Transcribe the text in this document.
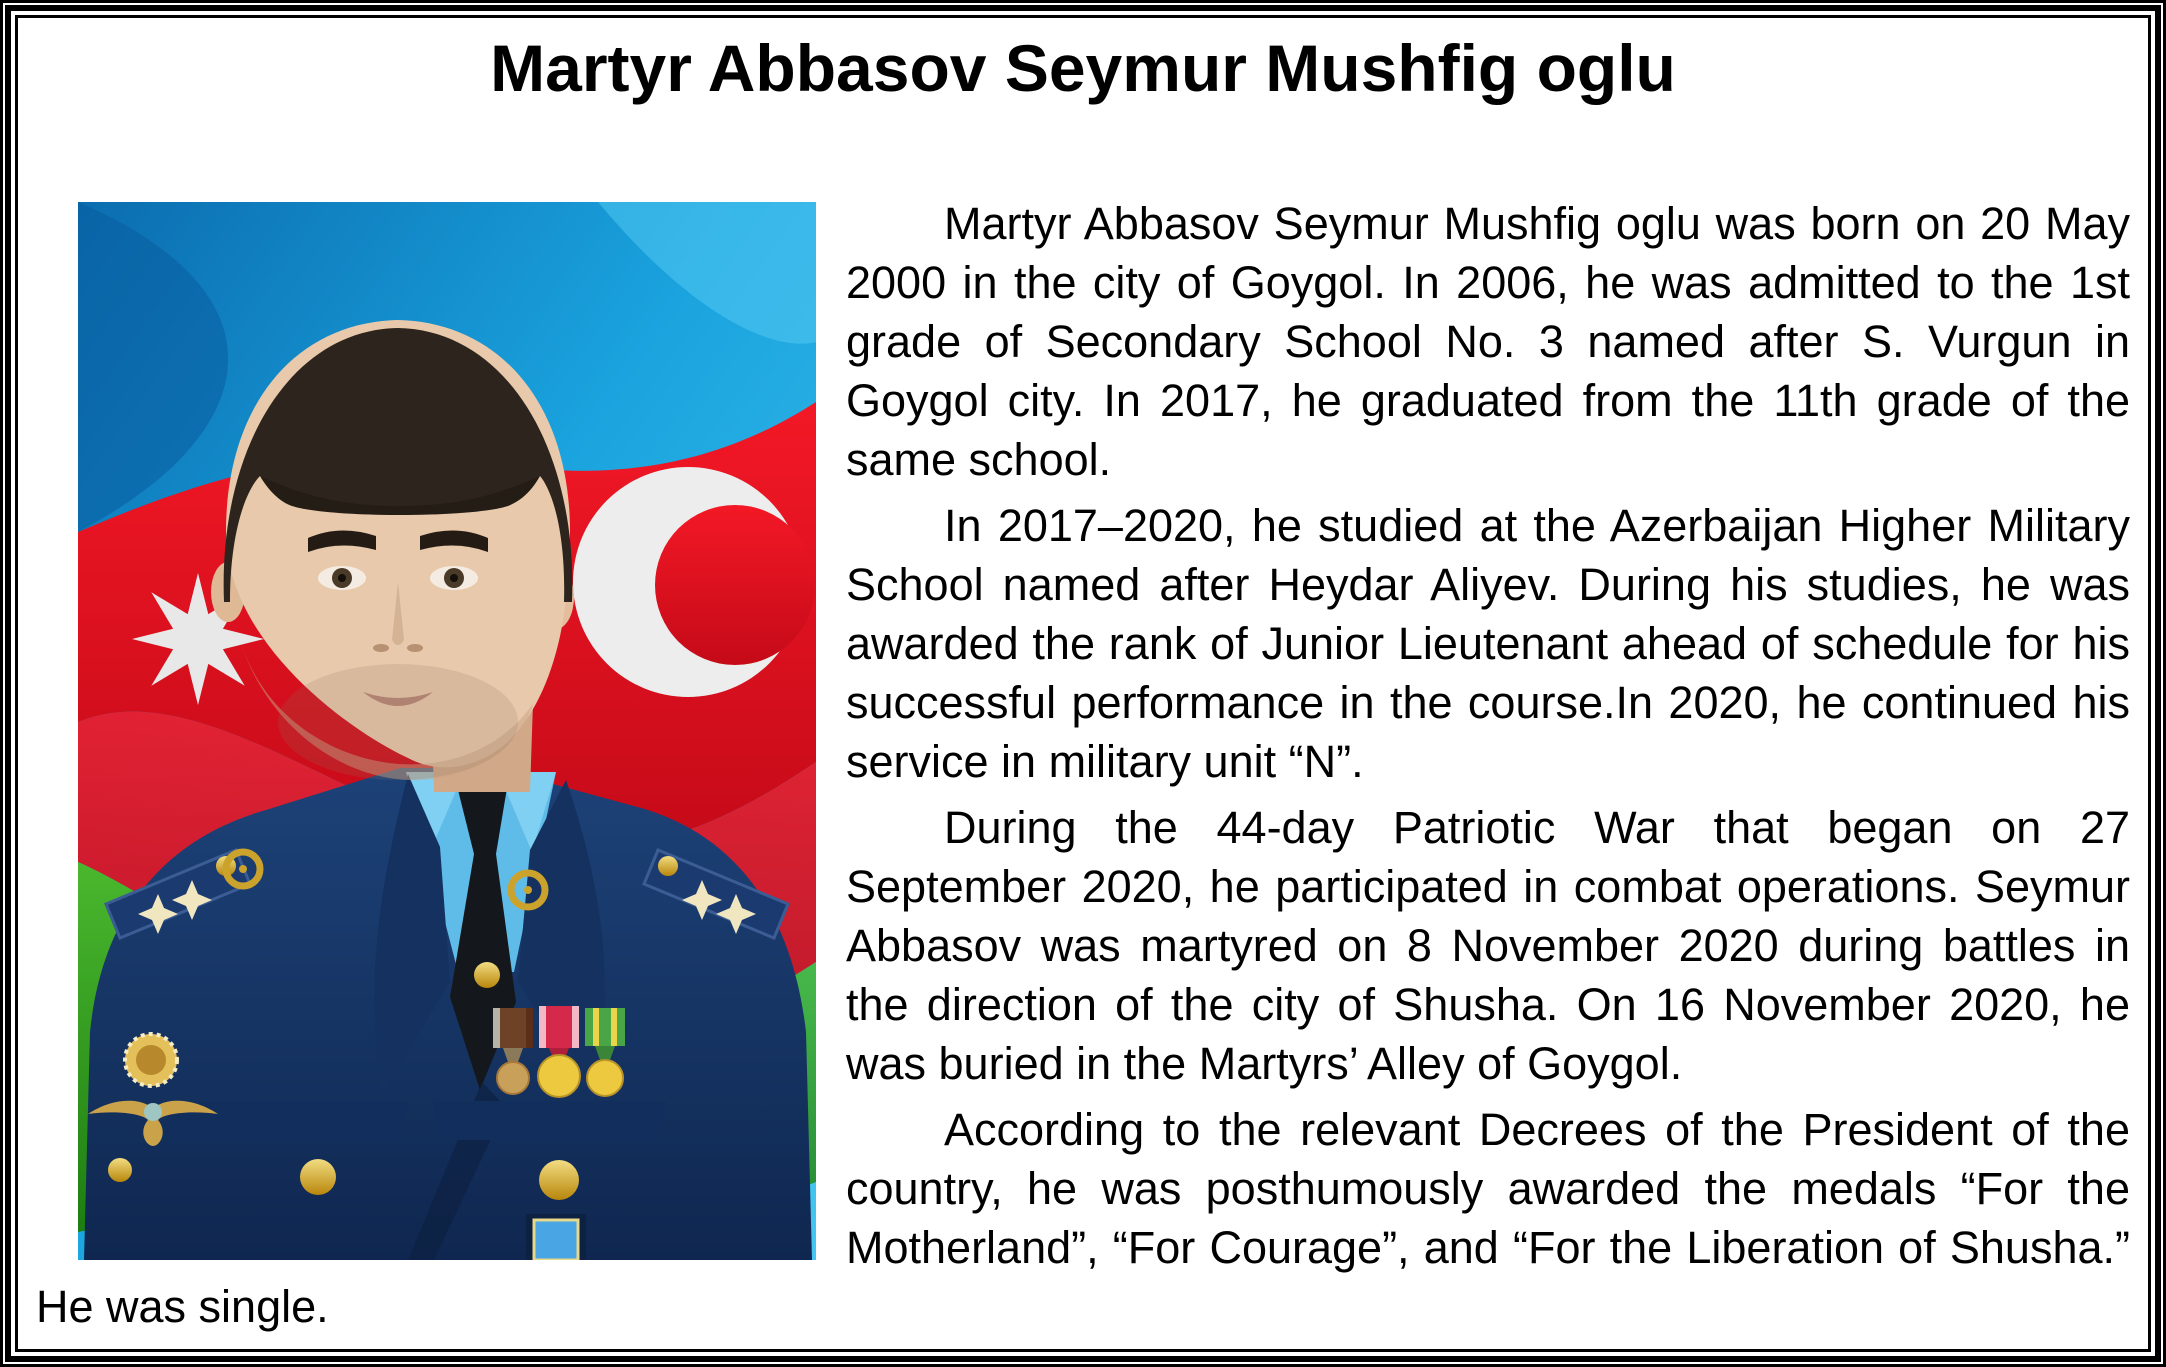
Martyr Abbasov Seymur Mushfig oglu

Martyr Abbasov Seymur Mushfig oglu was born on 20 May 2000 in the city of Goygol. In 2006, he was admitted to the 1st grade of Secondary School No. 3 named after S. Vurgun in Goygol city. In 2017, he graduated from the 11th grade of the same school.

In 2017–2020, he studied at the Azerbaijan Higher Military School named after Heydar Aliyev. During his studies, he was awarded the rank of Junior Lieutenant ahead of schedule for his successful performance in the course.In 2020, he continued his service in military unit “N”.

During the 44-day Patriotic War that began on 27 September 2020, he participated in combat operations. Seymur Abbasov was martyred on 8 November 2020 during battles in the direction of the city of Shusha. On 16 November 2020, he was buried in the Martyrs’ Alley of Goygol.

According to the relevant Decrees of the President of the country, he was posthumously awarded the medals “For the Motherland”, “For Courage”, and “For the Liberation of Shusha.” He was single.
